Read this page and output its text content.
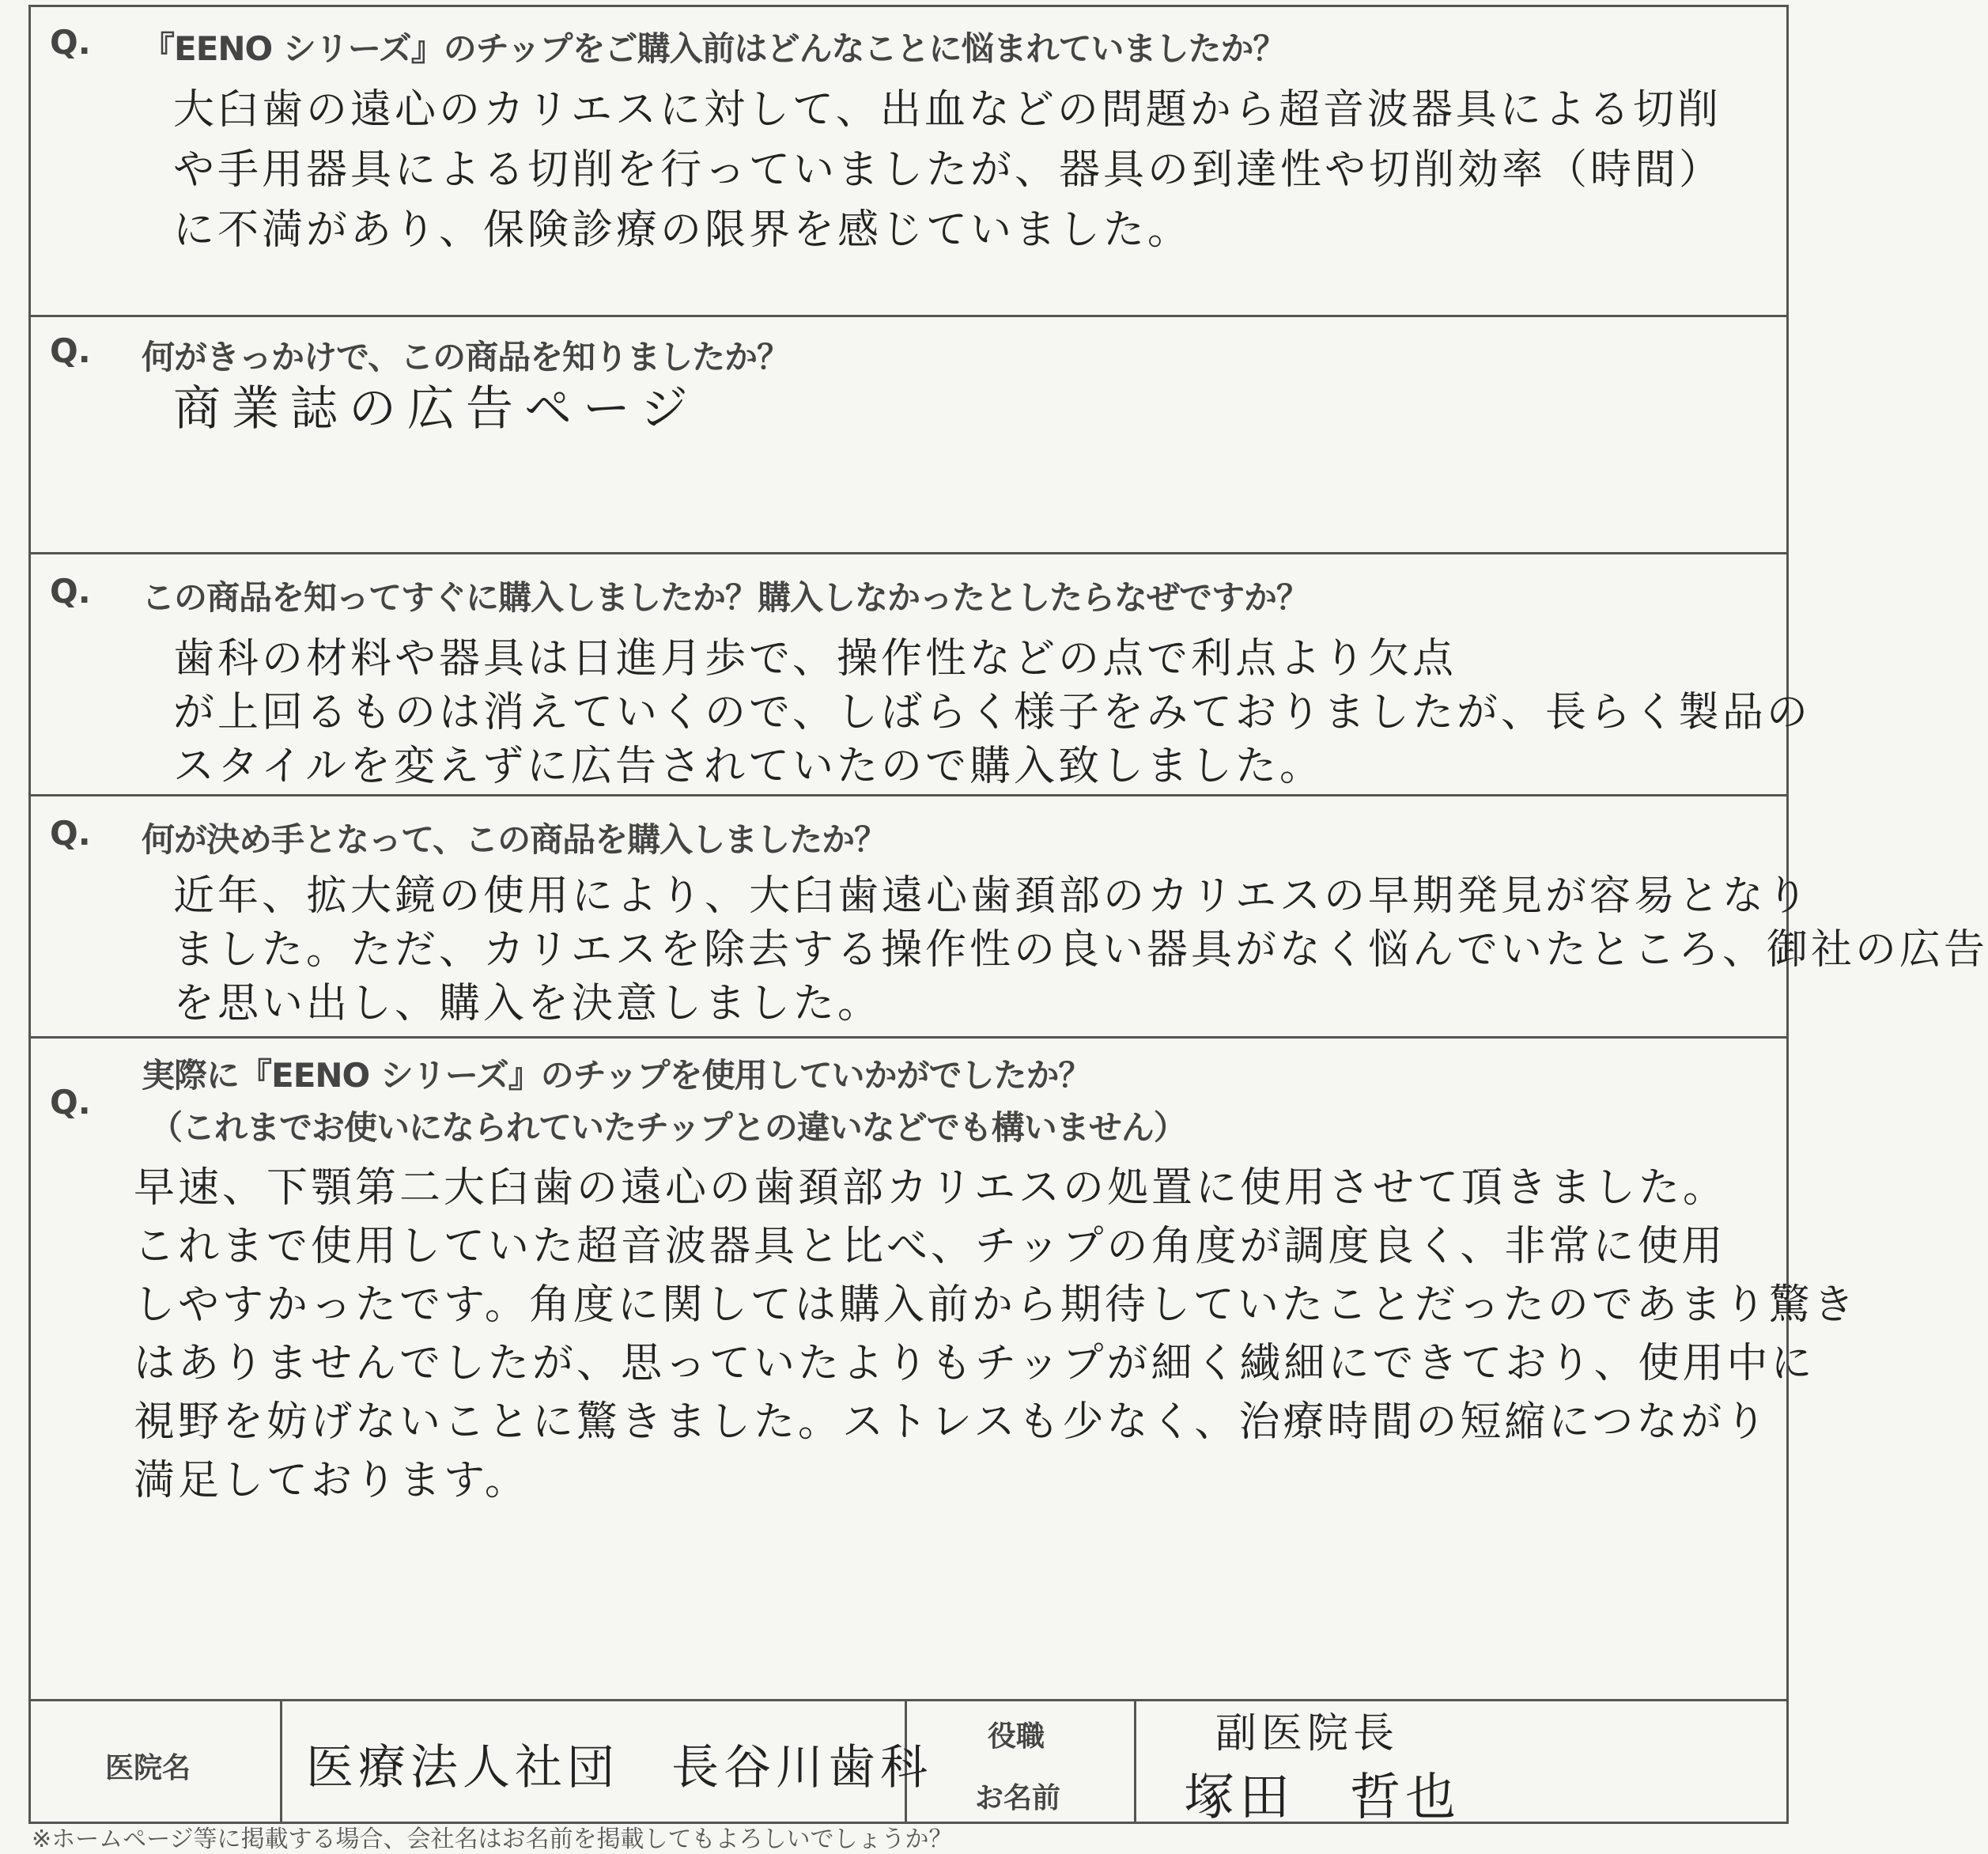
Q. 『EENO シリーズ』のチップをご購入前はどんなことに悩まれていましたか？

大臼歯の遠心のカリエスに対して、出血などの問題から超音波器具による切削

や手用器具による切削を行っていましたが、器具の到達性や切削効率（時間）

に不満があり、保険診療の限界を感じていました。

Q. 何がきっかけで、この商品を知りましたか？

商業誌の広告ページ

Q. この商品を知ってすぐに購入しましたか？購入しなかったとしたらなぜですか？

歯科の材料や器具は日進月歩で、操作性などの点で利点より欠点

が上回るものは消えていくので、しばらく様子をみておりましたが、長らく製品の

スタイルを変えずに広告されていたので購入致しました。

Q. 何が決め手となって、この商品を購入しましたか？

近年、拡大鏡の使用により、大臼歯遠心歯頚部のカリエスの早期発見が容易となり

ました。ただ、カリエスを除去する操作性の良い器具がなく悩んでいたところ、御社の広告

を思い出し、購入を決意しました。

Q.
実際に『EENO シリーズ』のチップを使用していかがでしたか？
（これまでお使いになられていたチップとの違いなどでも構いません）

早速、下顎第二大臼歯の遠心の歯頚部カリエスの処置に使用させて頂きました。

これまで使用していた超音波器具と比べ、チップの角度が調度良く、非常に使用

しやすかったです。角度に関しては購入前から期待していたことだったのであまり驚き

はありませんでしたが、思っていたよりもチップが細く繊細にできており、使用中に

視野を妨げないことに驚きました。ストレスも少なく、治療時間の短縮につながり

満足しております。

医院名 医療法人社団　長谷川歯科
役職
お名前
副医院長
塚田　哲也
※ホームページ等に掲載する場合、会社名はお名前を掲載してもよろしいでしょうか？
